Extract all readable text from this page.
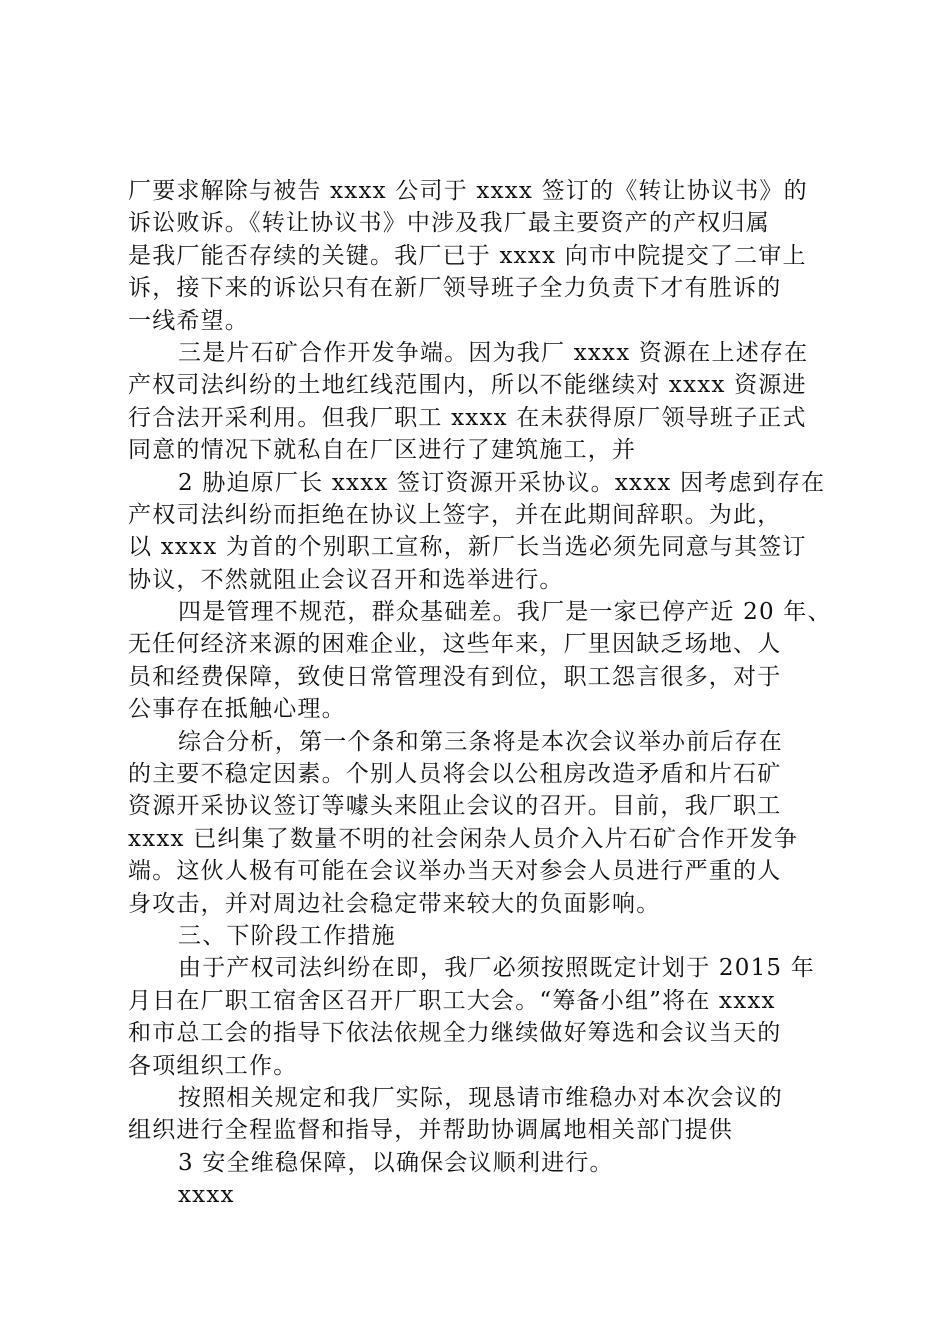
厂要求解除与被告 xxxx 公司于 xxxx 签订的《转让协议书》的
诉讼败诉。《转让协议书》中涉及我厂最主要资产的产权归属
是我厂能否存续的关键。我厂已于 xxxx 向市中院提交了二审上
诉，接下来的诉讼只有在新厂领导班子全力负责下才有胜诉的
一线希望。
三是片石矿合作开发争端。因为我厂 xxxx 资源在上述存在
产权司法纠纷的土地红线范围内，所以不能继续对 xxxx 资源进
行合法开采利用。但我厂职工 xxxx 在未获得原厂领导班子正式
同意的情况下就私自在厂区进行了建筑施工，并
2 胁迫原厂长 xxxx 签订资源开采协议。xxxx 因考虑到存在
产权司法纠纷而拒绝在协议上签字，并在此期间辞职。为此，
以 xxxx 为首的个别职工宣称，新厂长当选必须先同意与其签订
协议，不然就阻止会议召开和选举进行。
四是管理不规范，群众基础差。我厂是一家已停产近 20 年、
无任何经济来源的困难企业，这些年来，厂里因缺乏场地、人
员和经费保障，致使日常管理没有到位，职工怨言很多，对于
公事存在抵触心理。
综合分析，第一个条和第三条将是本次会议举办前后存在
的主要不稳定因素。个别人员将会以公租房改造矛盾和片石矿
资源开采协议签订等噱头来阻止会议的召开。目前，我厂职工
xxxx 已纠集了数量不明的社会闲杂人员介入片石矿合作开发争
端。这伙人极有可能在会议举办当天对参会人员进行严重的人
身攻击，并对周边社会稳定带来较大的负面影响。
三、下阶段工作措施
由于产权司法纠纷在即，我厂必须按照既定计划于 2015 年
月日在厂职工宿舍区召开厂职工大会。“筹备小组”将在 xxxx
和市总工会的指导下依法依规全力继续做好筹选和会议当天的
各项组织工作。
按照相关规定和我厂实际，现恳请市维稳办对本次会议的
组织进行全程监督和指导，并帮助协调属地相关部门提供
3 安全维稳保障，以确保会议顺利进行。
xxxx
